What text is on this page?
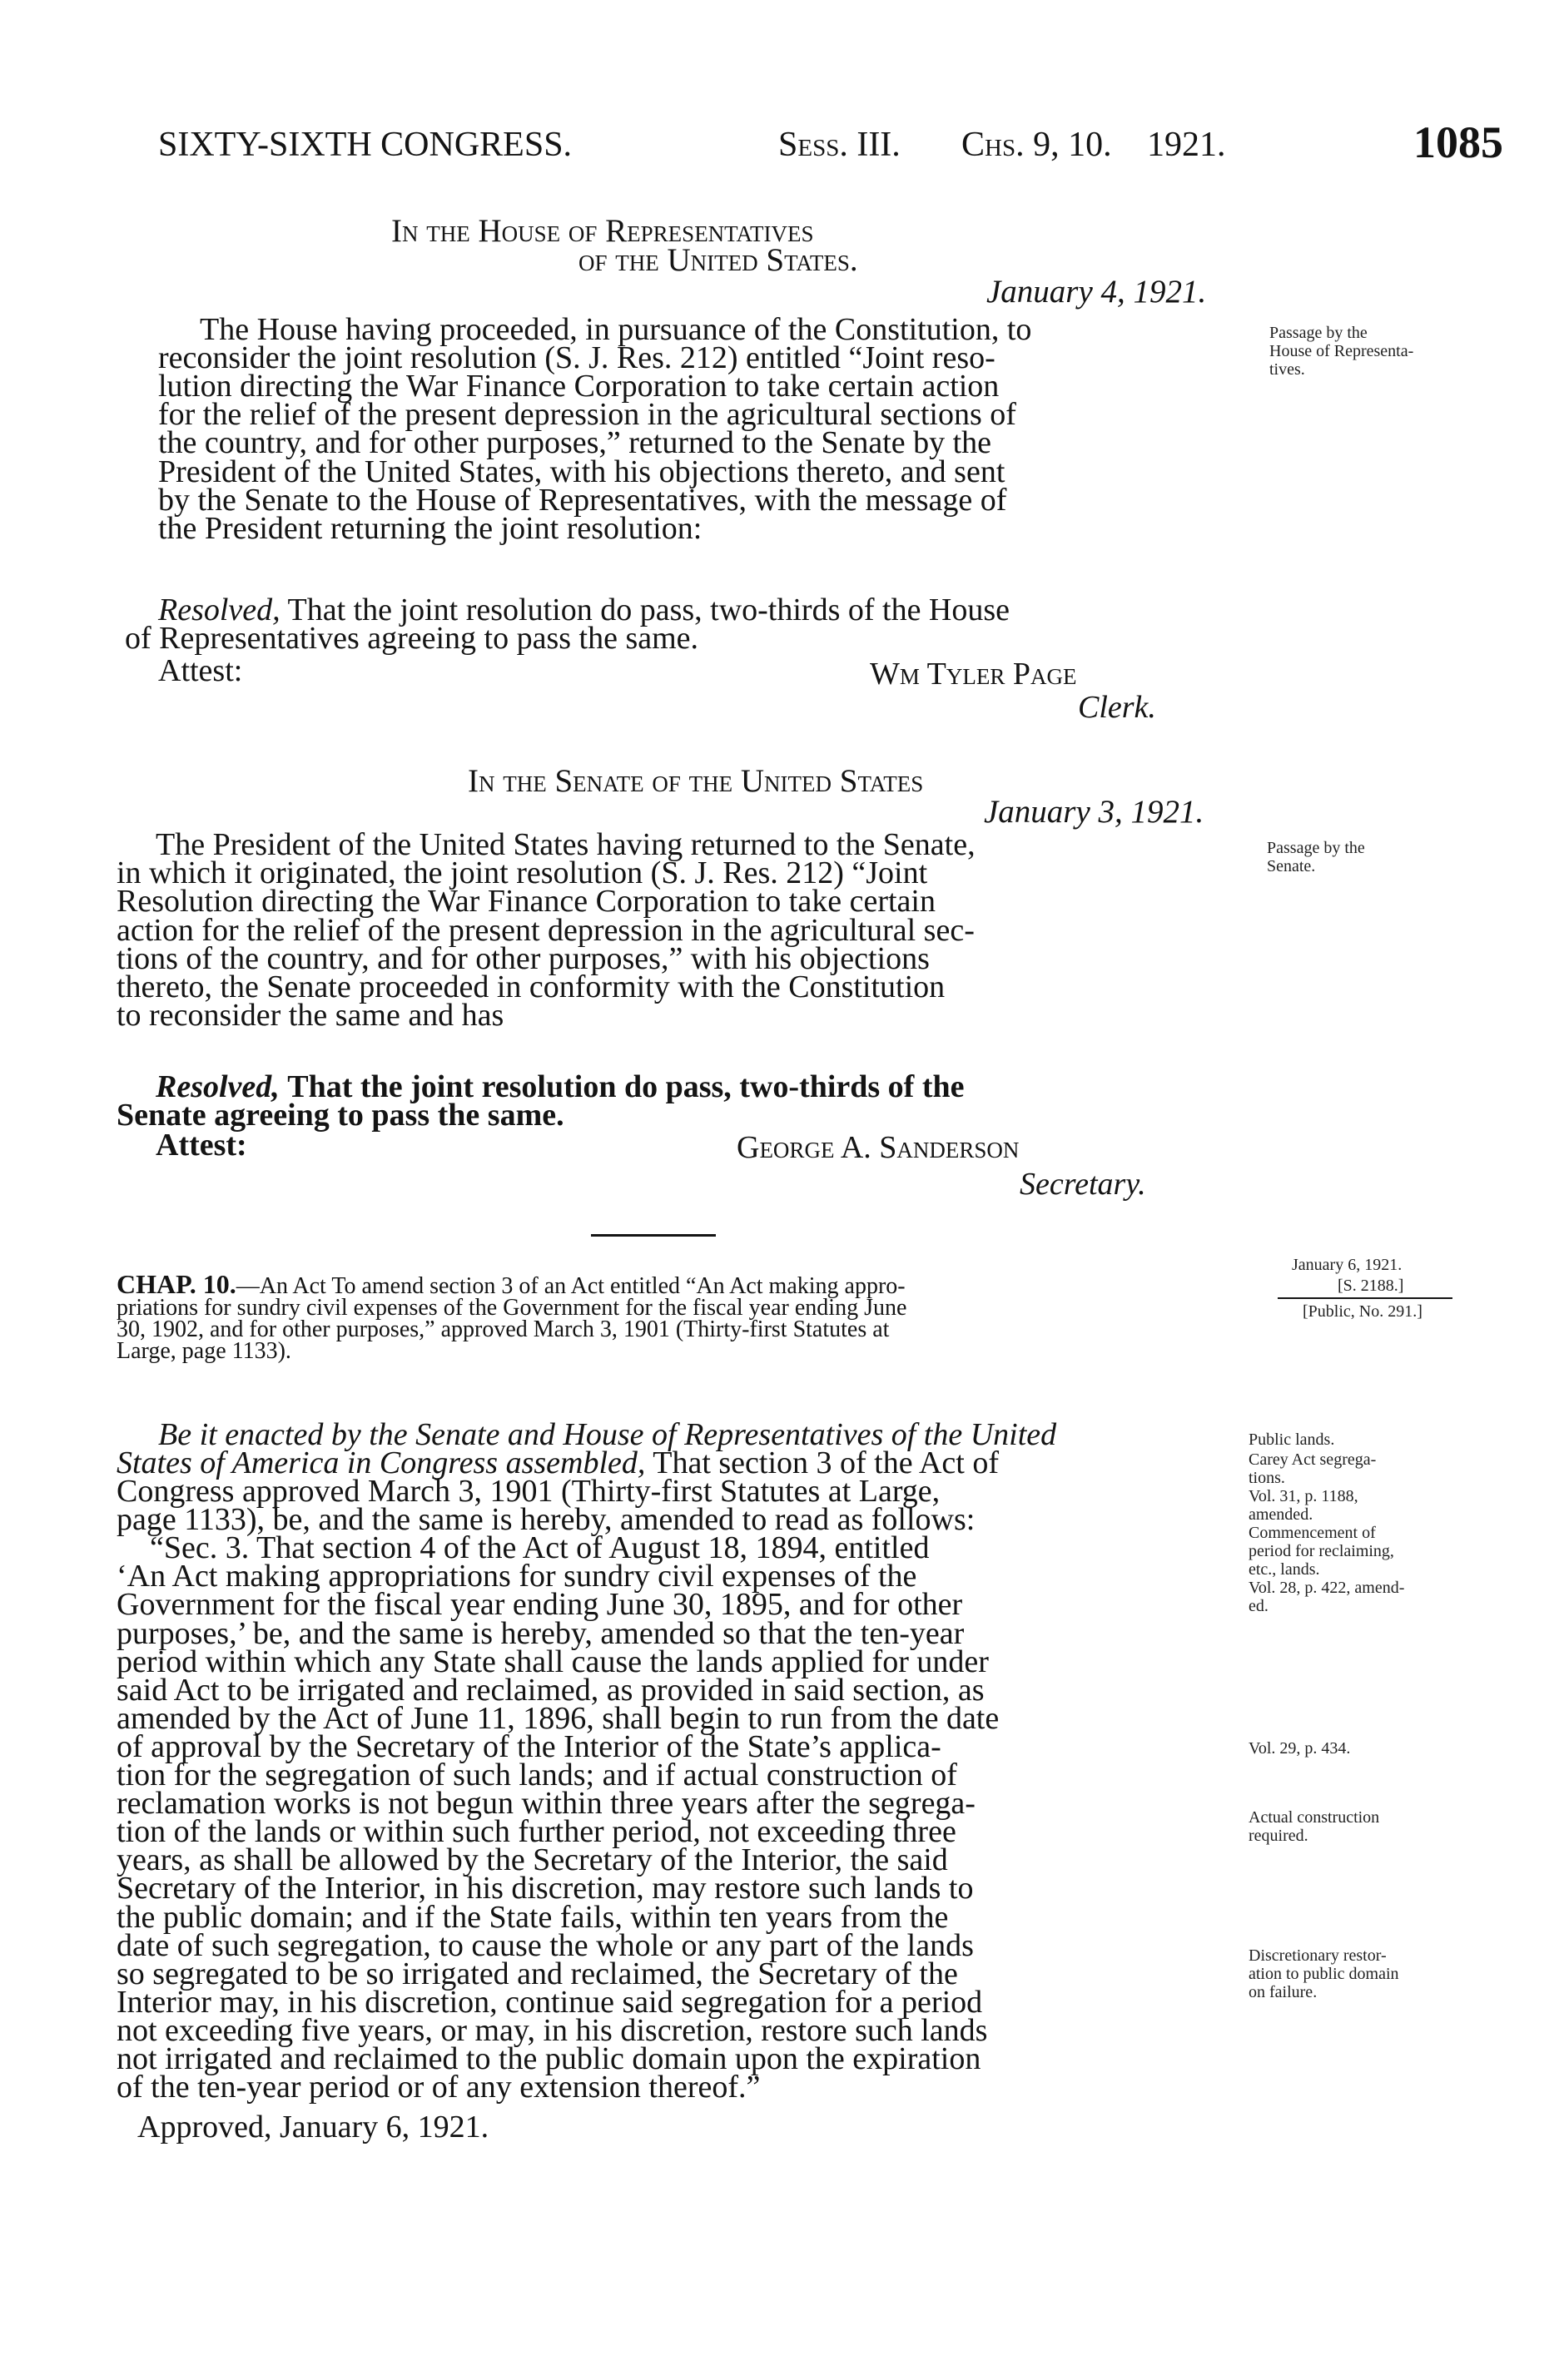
SIXTY-SIXTH CONGRESS.	Sess. III. Chs. 9, 10. 1921.	1085
In the House of Representatives
of the United States.
January 4, 1921.
The House having proceeded, in pursuance of the Constitution, to
reconsider the joint resolution (S. J. Res. 212) entitled “Joint reso-
lution directing the War Finance Corporation to take certain action
for the relief of the present depression in the agricultural sections of
the country, and for other purposes,” returned to the Senate by the
President of the United States, with his objections thereto, and sent
by the Senate to the House of Representatives, with the message of
the President returning the joint resolution:
Resolved, That the joint resolution do pass, two-thirds of the House
of Representatives agreeing to pass the same.
Attest:	Wm Tyler Page
Clerk.
Passage by the
House of Representa-
tives.
In the Senate of the United States
January 3, 1921.
The President of the United States having returned to the Senate,
in which it originated, the joint resolution (S. J. Res. 212) “Joint
Resolution directing the War Finance Corporation to take certain
action for the relief of the present depression in the agricultural sec-
tions of the country, and for other purposes,” with his objections
thereto, the Senate proceeded in conformity with the Constitution
to reconsider the same and has
Resolved, That the joint resolution do pass, two-thirds of the
Senate agreeing to pass the same.
Attest:	George A. Sanderson
Secretary.
Passage by the
Senate.
CHAP. 10.—An Act To amend section 3 of an Act entitled “An Act making appro-
priations for sundry civil expenses of the Government for the fiscal year ending June
30, 1902, and for other purposes,” approved March 3, 1901 (Thirty-first Statutes at
Large, page 1133).
January 6, 1921.
[S. 2188.]
[Public, No. 291.]
Be it enacted by the Senate and House of Representatives of the United
States of America in Congress assembled, That section 3 of the Act of
Congress approved March 3, 1901 (Thirty-first Statutes at Large,
page 1133), be, and the same is hereby, amended to read as follows:
“Sec. 3. That section 4 of the Act of August 18, 1894, entitled
‘An Act making appropriations for sundry civil expenses of the
Government for the fiscal year ending June 30, 1895, and for other
purposes,’ be, and the same is hereby, amended so that the ten-year
period within which any State shall cause the lands applied for under
said Act to be irrigated and reclaimed, as provided in said section, as
amended by the Act of June 11, 1896, shall begin to run from the date
of approval by the Secretary of the Interior of the State’s applica-
tion for the segregation of such lands; and if actual construction of
reclamation works is not begun within three years after the segrega-
tion of the lands or within such further period, not exceeding three
years, as shall be allowed by the Secretary of the Interior, the said
Secretary of the Interior, in his discretion, may restore such lands to
the public domain; and if the State fails, within ten years from the
date of such segregation, to cause the whole or any part of the lands
so segregated to be so irrigated and reclaimed, the Secretary of the
Interior may, in his discretion, continue said segregation for a period
not exceeding five years, or may, in his discretion, restore such lands
not irrigated and reclaimed to the public domain upon the expiration
of the ten-year period or of any extension thereof.”
Approved, January 6, 1921.
Public lands.
Carey Act segrega-
tions.
Vol. 31, p. 1188,
amended.
Commencement of
period for reclaiming,
etc., lands.
Vol. 28, p. 422, amend-
ed.
Vol. 29, p. 434.
Actual construction
required.
Discretionary restor-
ation to public domain
on failure.
